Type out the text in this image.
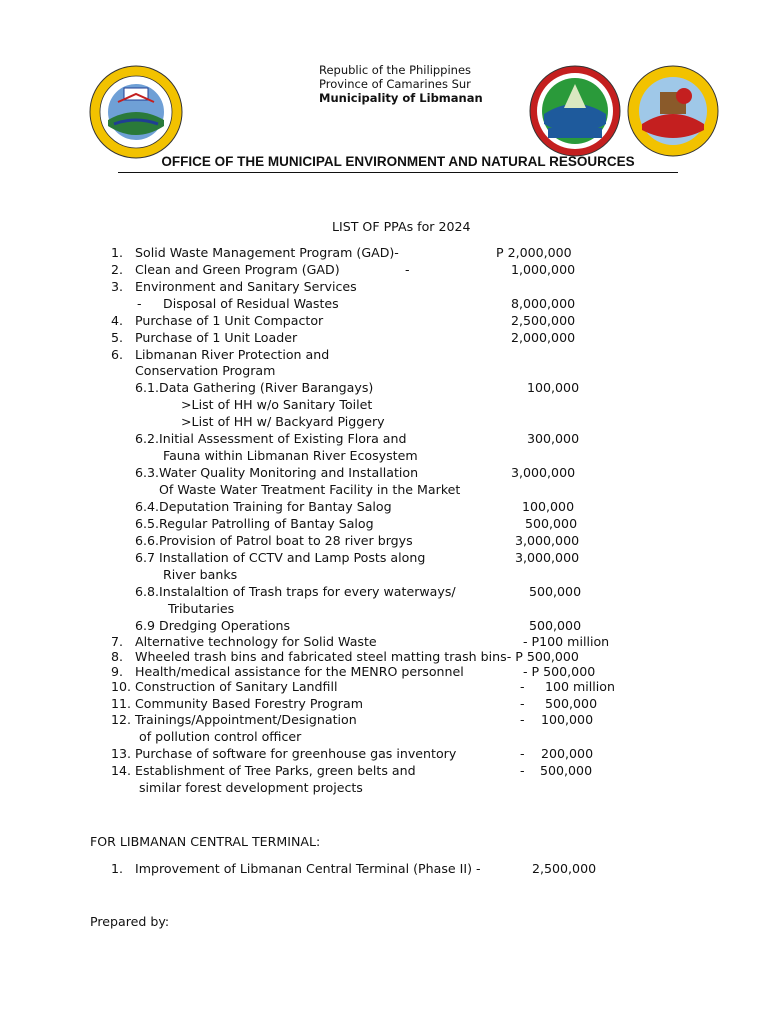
Republic of the Philippines
Province of Camarines Sur
Municipality of Libmanan
OFFICE OF THE MUNICIPAL ENVIRONMENT AND NATURAL RESOURCES
LIST OF PPAs for 2024
1. Solid Waste Management Program (GAD)-	P 2,000,000
2. Clean and Green Program (GAD)	-	1,000,000
3. Environment and Sanitary Services
- Disposal of Residual Wastes	8,000,000
4. Purchase of 1 Unit Compactor	2,500,000
5. Purchase of 1 Unit Loader	2,000,000
6. Libmanan River Protection and
Conservation Program
6.1.Data Gathering (River Barangays)	100,000
>List of HH w/o Sanitary Toilet
>List of HH w/ Backyard Piggery
6.2.Initial Assessment of Existing Flora and	300,000
Fauna within Libmanan River Ecosystem
6.3.Water Quality Monitoring and Installation	3,000,000
Of Waste Water Treatment Facility in the Market
6.4.Deputation Training for Bantay Salog	100,000
6.5.Regular Patrolling of Bantay Salog	500,000
6.6.Provision of Patrol boat to 28 river brgys	3,000,000
6.7 Installation of CCTV and Lamp Posts along	3,000,000
River banks
6.8.Instalaltion of Trash traps for every waterways/	500,000
Tributaries
6.9 Dredging Operations	500,000
7. Alternative technology for Solid Waste	- P100 million
8. Wheeled trash bins and fabricated steel matting trash bins- P 500,000
9. Health/medical assistance for the MENRO personnel	- P 500,000
10. Construction of Sanitary Landfill	- 100 million
11. Community Based Forestry Program	- 500,000
12. Trainings/Appointment/Designation	- 100,000
of pollution control officer
13. Purchase of software for greenhouse gas inventory	- 200,000
14. Establishment of Tree Parks, green belts and	- 500,000
similar forest development projects
FOR LIBMANAN CENTRAL TERMINAL:
1. Improvement of Libmanan Central Terminal (Phase II) -	2,500,000
Prepared by:
